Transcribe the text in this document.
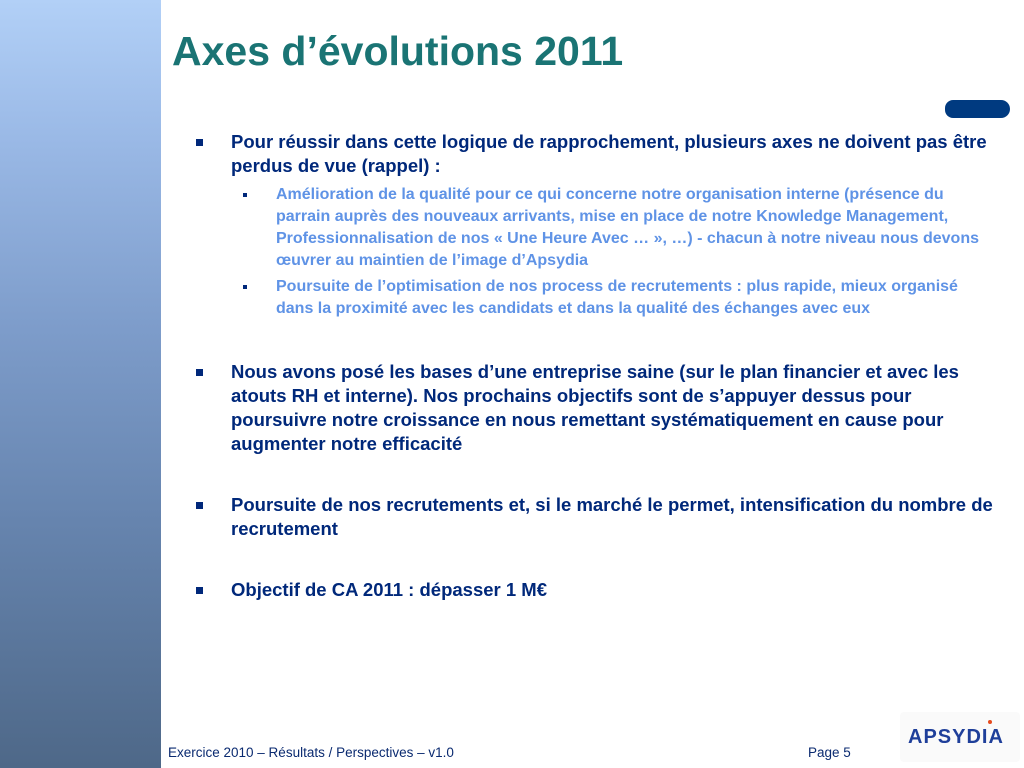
Axes d’évolutions 2011
Pour réussir dans cette logique de rapprochement, plusieurs axes ne doivent pas être perdus de vue (rappel) :
Amélioration de la qualité pour ce qui concerne notre organisation interne (présence du parrain auprès des nouveaux arrivants, mise en place de notre Knowledge Management, Professionnalisation de nos « Une Heure Avec … », …) - chacun à notre niveau nous devons œuvrer au maintien de l’image d’Apsydia
Poursuite de l’optimisation de nos process de recrutements : plus rapide, mieux organisé dans la proximité avec les candidats et dans la qualité des échanges avec eux
Nous avons posé les bases d’une entreprise saine (sur le plan financier et avec les atouts RH et interne). Nos prochains objectifs sont de s’appuyer dessus pour poursuivre notre croissance en nous remettant systématiquement en cause pour augmenter notre efficacité
Poursuite de nos recrutements et, si le marché le permet, intensification du nombre de recrutement
Objectif de CA 2011 : dépasser 1 M€
Exercice 2010 – Résultats / Perspectives – v1.0	Page 5
APSYDIA
